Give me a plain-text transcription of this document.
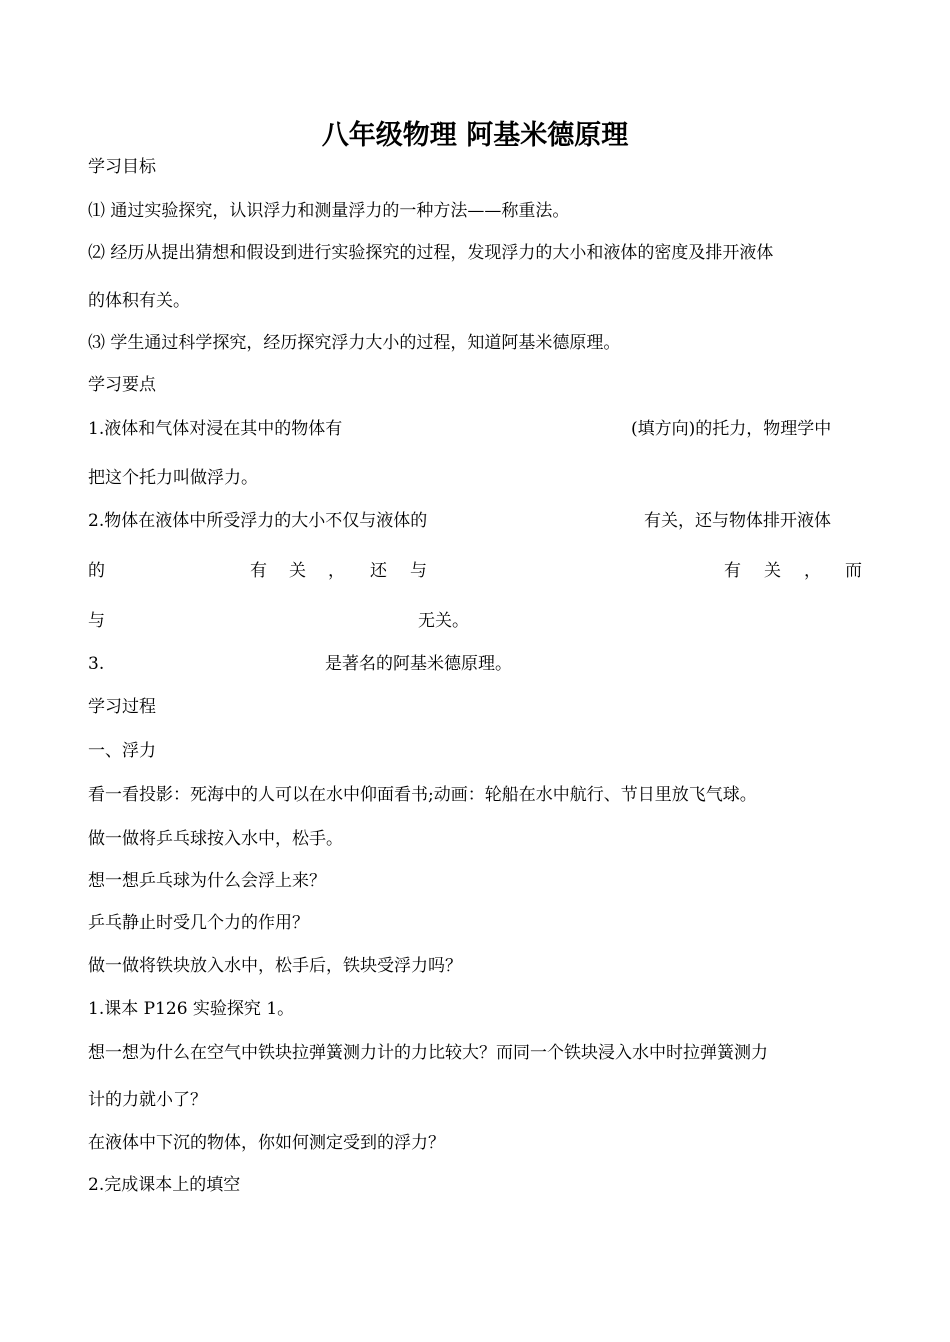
八年级物理 阿基米德原理
学习目标
⑴ 通过实验探究，认识浮力和测量浮力的一种方法——称重法。
⑵ 经历从提出猜想和假设到进行实验探究的过程，发现浮力的大小和液体的密度及排开液体
的体积有关。
⑶ 学生通过科学探究，经历探究浮力大小的过程，知道阿基米德原理。
学习要点
1.液体和气体对浸在其中的物体有	(填方向)的托力，物理学中
把这个托力叫做浮力。
2.物体在液体中所受浮力的大小不仅与液体的	有关，还与物体排开液体
的	有 关 ， 还 与	有 关 ， 而
与	无关。
3.	是著名的阿基米德原理。
学习过程
一、浮力
看一看投影：死海中的人可以在水中仰面看书;动画：轮船在水中航行、节日里放飞气球。
做一做将乒乓球按入水中，松手。
想一想乒乓球为什么会浮上来？
乒乓静止时受几个力的作用？
做一做将铁块放入水中，松手后，铁块受浮力吗？
1.课本 P126 实验探究 1。
想一想为什么在空气中铁块拉弹簧测力计的力比较大？而同一个铁块浸入水中时拉弹簧测力
计的力就小了？
在液体中下沉的物体，你如何测定受到的浮力？
2.完成课本上的填空
